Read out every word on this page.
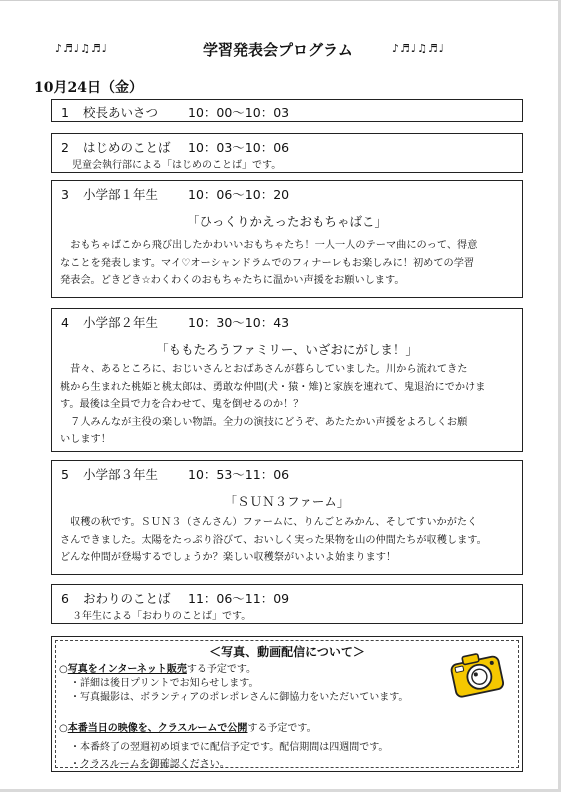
♪♬♩♫♬♩	学習発表会プログラム	♪♬♩♫♬♩
10月24日（金）
1 校長あいさつ 10：00〜10：03
2 はじめのことば 10：03〜10：06
児童会執行部による「はじめのことば」です。
3 小学部１年生 10：06〜10：20
「ひっくりかえったおもちゃばこ」
　おもちゃばこから飛び出したかわいいおもちゃたち！一人一人のテーマ曲にのって、得意
なことを発表します。マイ♡オーシャンドラムでのフィナーレもお楽しみに！初めての学習
発表会。どきどき☆わくわくのおもちゃたちに温かい声援をお願いします。
4 小学部２年生 10：30〜10：43
「ももたろうファミリー、いざおにがしま！」
　昔々、あるところに、おじいさんとおばあさんが暮らしていました。川から流れてきた
桃から生まれた桃姫と桃太郎は、勇敢な仲間(犬・猿・雉)と家族を連れて、鬼退治にでかけま
す。最後は全員で力を合わせて、鬼を倒せるのか！？
　７人みんなが主役の楽しい物語。全力の演技にどうぞ、あたたかい声援をよろしくお願
いします！
5 小学部３年生 10：53〜11：06
「ＳＵＮ３ファーム」
　収穫の秋です。ＳＵＮ３（さんさん）ファームに、りんごとみかん、そしてすいかがたく
さんできました。太陽をたっぷり浴びて、おいしく実った果物を山の仲間たちが収穫します。
どんな仲間が登場するでしょうか？楽しい収穫祭がいよいよ始まります！
6 おわりのことば 11：06〜11：09
３年生による「おわりのことば」です。
＜写真、動画配信について＞
○写真をインターネット販売する予定です。
・詳細は後日プリントでお知らせします。
・写真撮影は、ボランティアのポレポレさんに御協力をいただいています。
○本番当日の映像を、クラスルームで公開する予定です。
・本番終了の翌週初め頃までに配信予定です。配信期間は四週間です。
・クラスルームを御確認ください。
